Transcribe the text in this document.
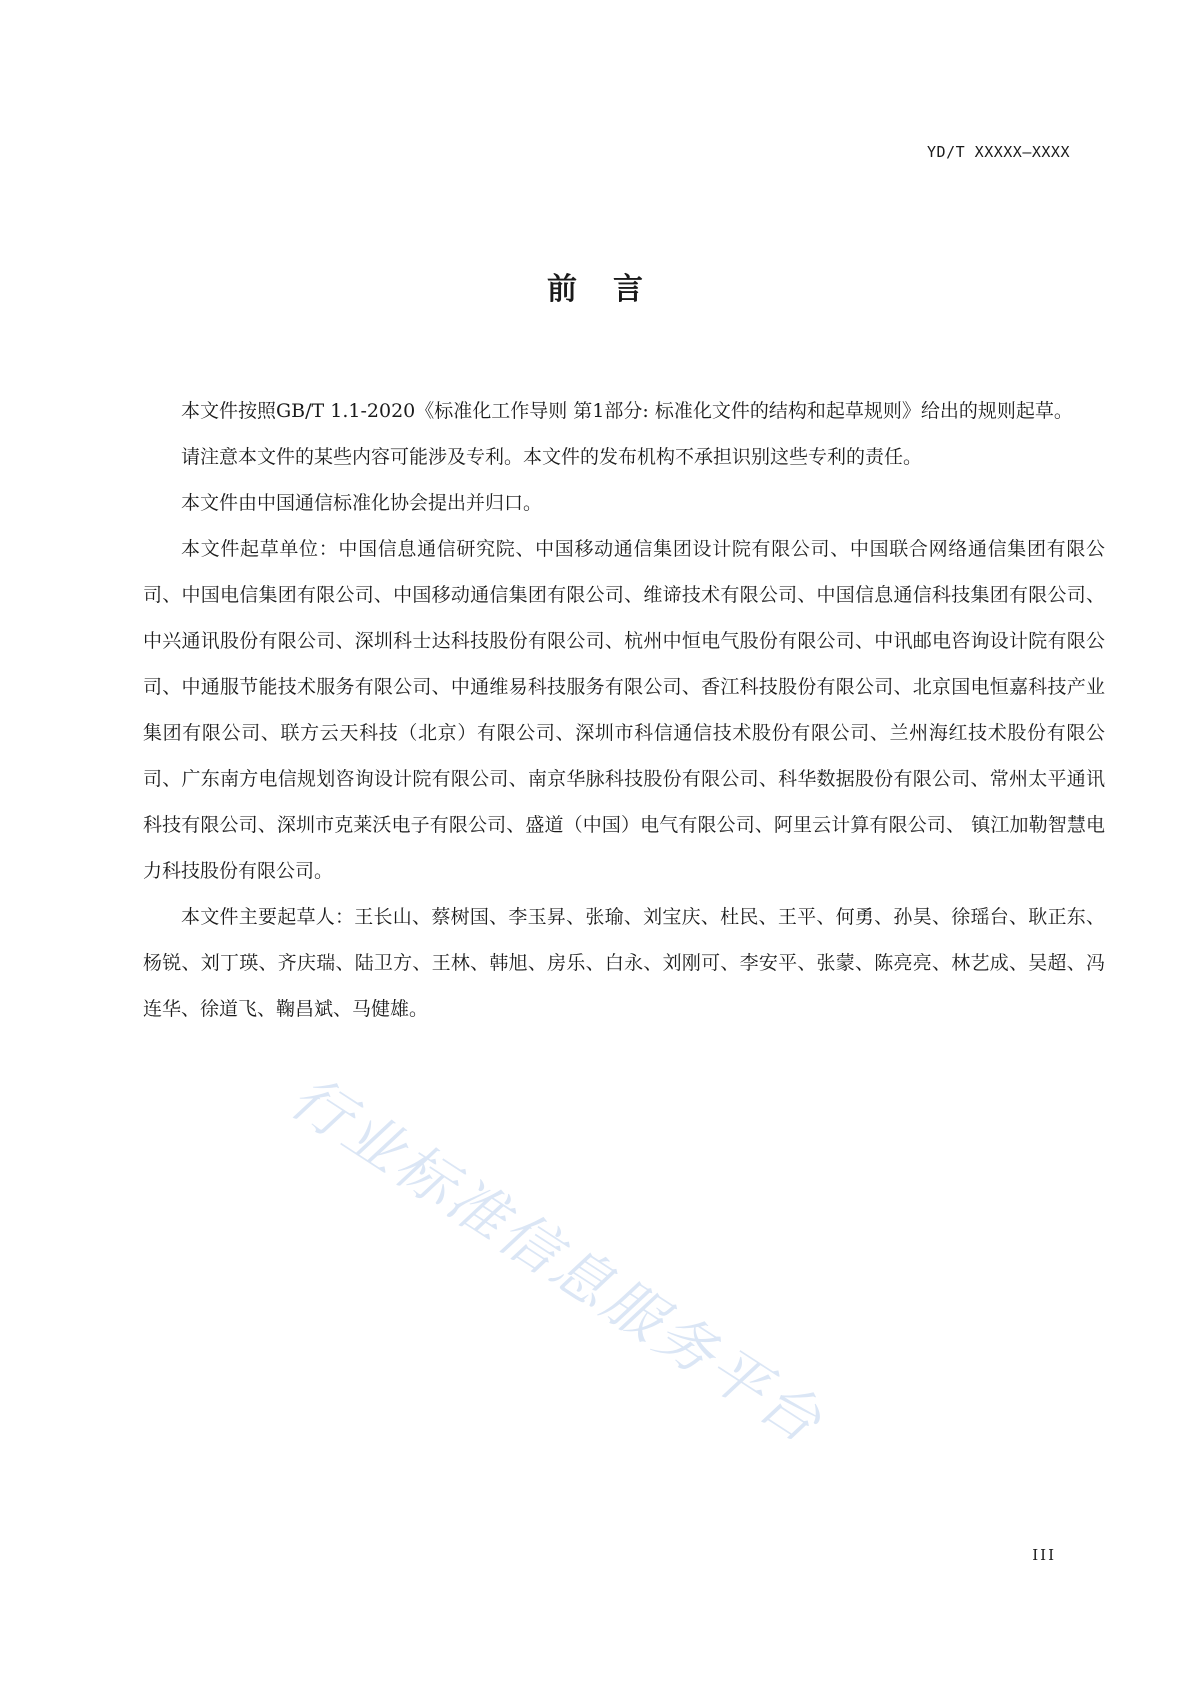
YD/T XXXXX—XXXX
前言

本文件按照GB/T 1.1-2020《标准化工作导则 第1部分: 标准化文件的结构和起草规则》给出的规则起草。

请注意本文件的某些内容可能涉及专利。本文件的发布机构不承担识别这些专利的责任。

本文件由中国通信标准化协会提出并归口。

本文件起草单位：中国信息通信研究院、中国移动通信集团设计院有限公司、中国联合网络通信集团有限公司、中国电信集团有限公司、中国移动通信集团有限公司、维谛技术有限公司、中国信息通信科技集团有限公司、中兴通讯股份有限公司、深圳科士达科技股份有限公司、杭州中恒电气股份有限公司、中讯邮电咨询设计院有限公司、中通服节能技术服务有限公司、中通维易科技服务有限公司、香江科技股份有限公司、北京国电恒嘉科技产业集团有限公司、联方云天科技（北京）有限公司、深圳市科信通信技术股份有限公司、兰州海红技术股份有限公司、广东南方电信规划咨询设计院有限公司、南京华脉科技股份有限公司、科华数据股份有限公司、常州太平通讯科技有限公司、深圳市克莱沃电子有限公司、盛道（中国）电气有限公司、阿里云计算有限公司、 镇江加勒智慧电力科技股份有限公司。

本文件主要起草人：王长山、蔡树国、李玉昇、张瑜、刘宝庆、杜民、王平、何勇、孙昊、徐瑶台、耿正东、杨锐、刘丁瑛、齐庆瑞、陆卫方、王林、韩旭、房乐、白永、刘刚可、李安平、张蒙、陈亮亮、林艺成、吴超、冯连华、徐道飞、鞠昌斌、马健雄。

行业标准信息服务平台
III
